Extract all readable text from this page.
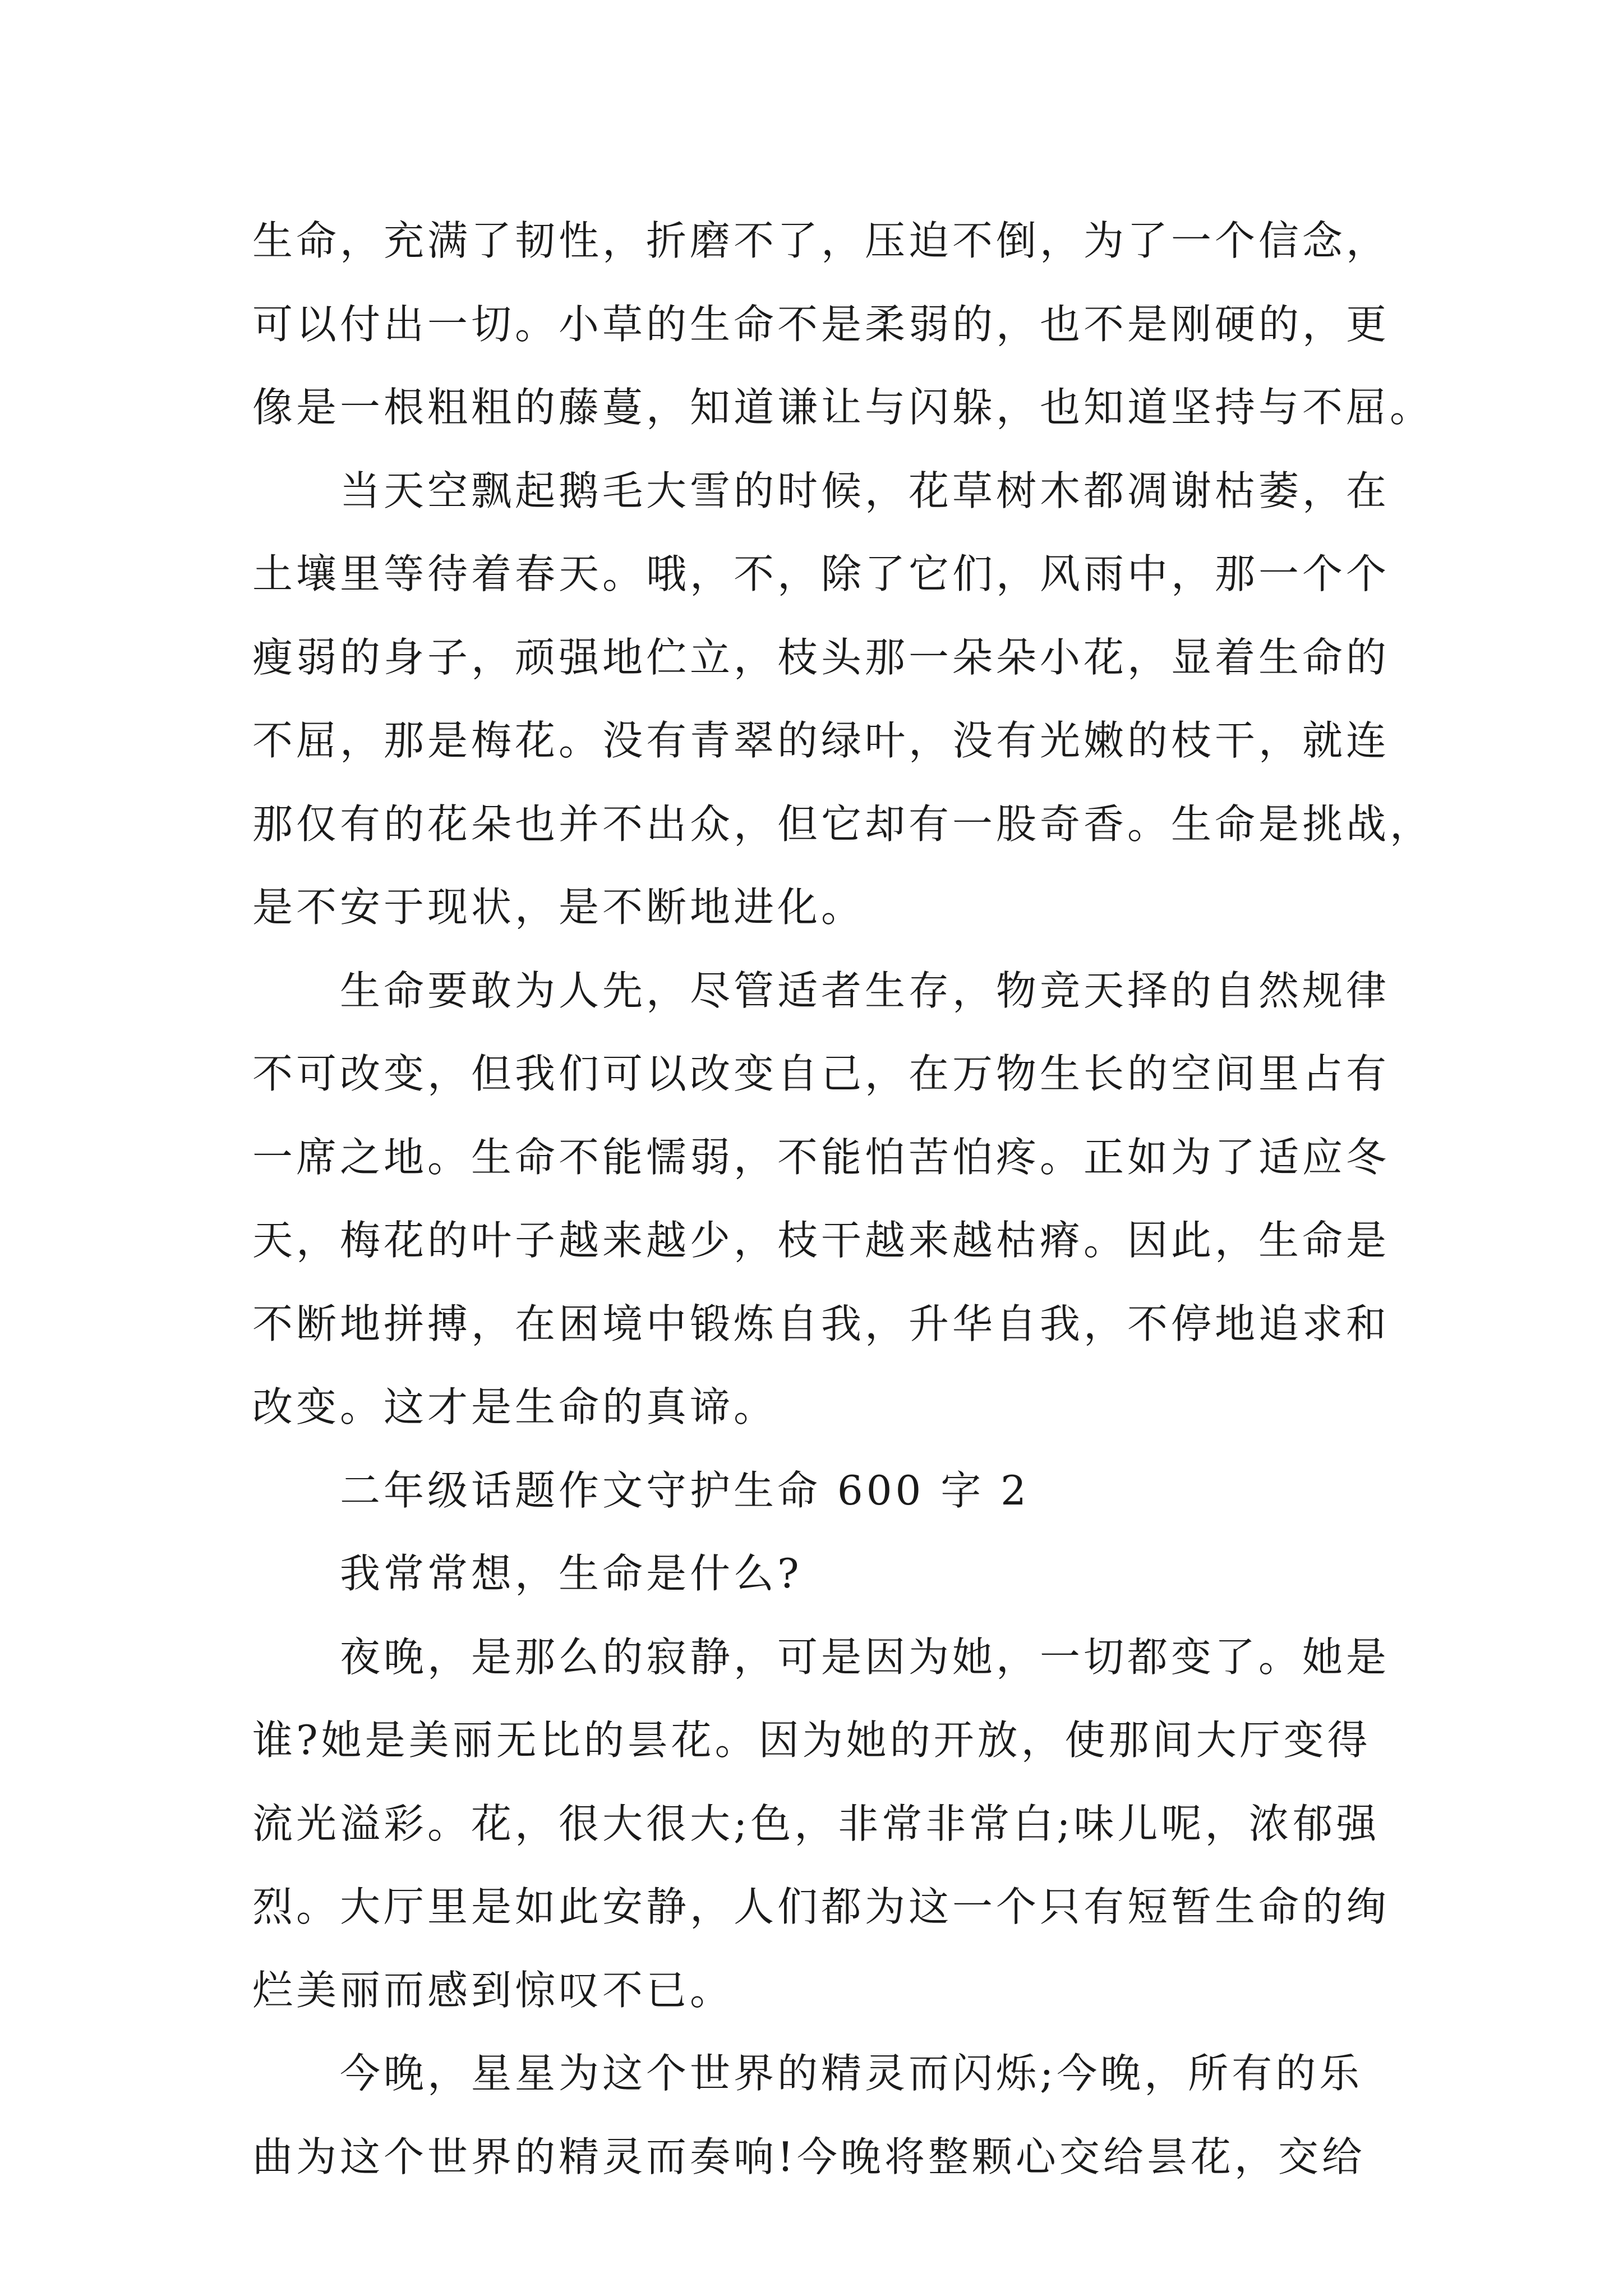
生命，充满了韧性，折磨不了，压迫不倒，为了一个信念，
可以付出一切。小草的生命不是柔弱的，也不是刚硬的，更
像是一根粗粗的藤蔓，知道谦让与闪躲，也知道坚持与不屈。
当天空飘起鹅毛大雪的时候，花草树木都凋谢枯萎，在
土壤里等待着春天。哦，不，除了它们，风雨中，那一个个
瘦弱的身子，顽强地伫立，枝头那一朵朵小花，显着生命的
不屈，那是梅花。没有青翠的绿叶，没有光嫩的枝干，就连
那仅有的花朵也并不出众，但它却有一股奇香。生命是挑战，
是不安于现状，是不断地进化。
生命要敢为人先，尽管适者生存，物竞天择的自然规律
不可改变，但我们可以改变自己，在万物生长的空间里占有
一席之地。生命不能懦弱，不能怕苦怕疼。正如为了适应冬
天，梅花的叶子越来越少，枝干越来越枯瘠。因此，生命是
不断地拼搏，在困境中锻炼自我，升华自我，不停地追求和
改变。这才是生命的真谛。
二年级话题作文守护生命 600 字 2
我常常想，生命是什么?
夜晚，是那么的寂静，可是因为她，一切都变了。她是
谁?她是美丽无比的昙花。因为她的开放，使那间大厅变得
流光溢彩。花，很大很大;色，非常非常白;味儿呢，浓郁强
烈。大厅里是如此安静，人们都为这一个只有短暂生命的绚
烂美丽而感到惊叹不已。
今晚，星星为这个世界的精灵而闪烁;今晚，所有的乐
曲为这个世界的精灵而奏响!今晚将整颗心交给昙花，交给
